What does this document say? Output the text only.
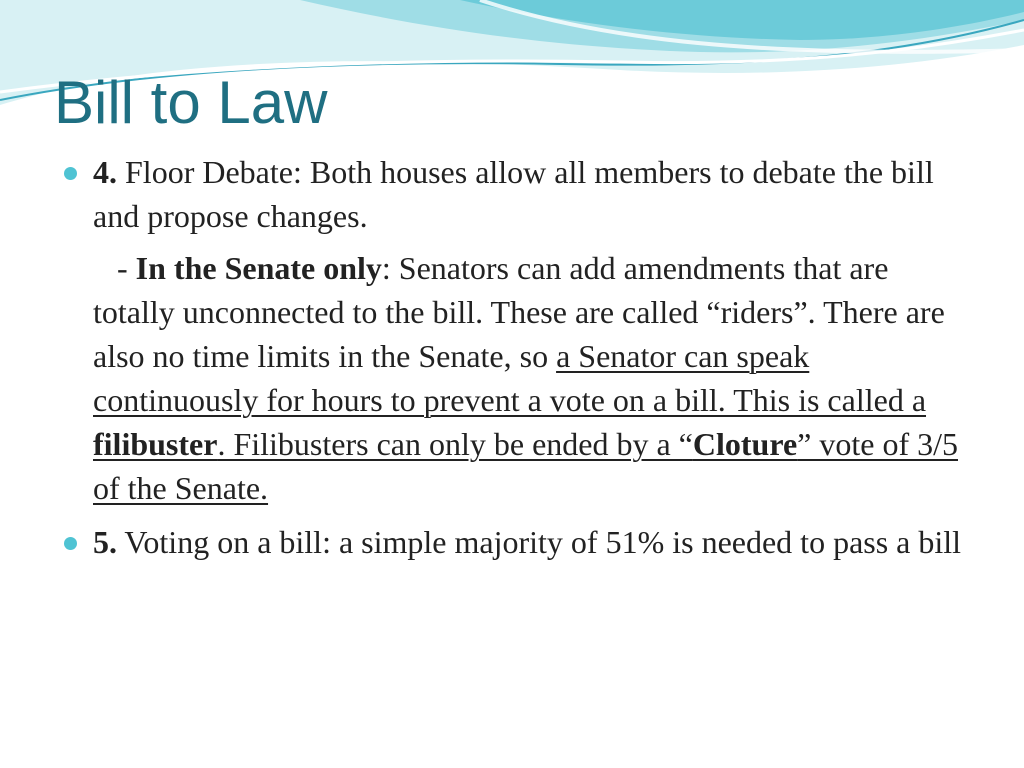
Bill to Law

4. Floor Debate: Both houses allow all members to debate the bill and propose changes.

- In the Senate only: Senators can add amendments that are totally unconnected to the bill. These are called “riders”. There are also no time limits in the Senate, so a Senator can speak continuously for hours to prevent a vote on a bill. This is called a filibuster. Filibusters can only be ended by a “Cloture” vote of 3/5 of the Senate.

5. Voting on a bill: a simple majority of 51% is needed to pass a bill
